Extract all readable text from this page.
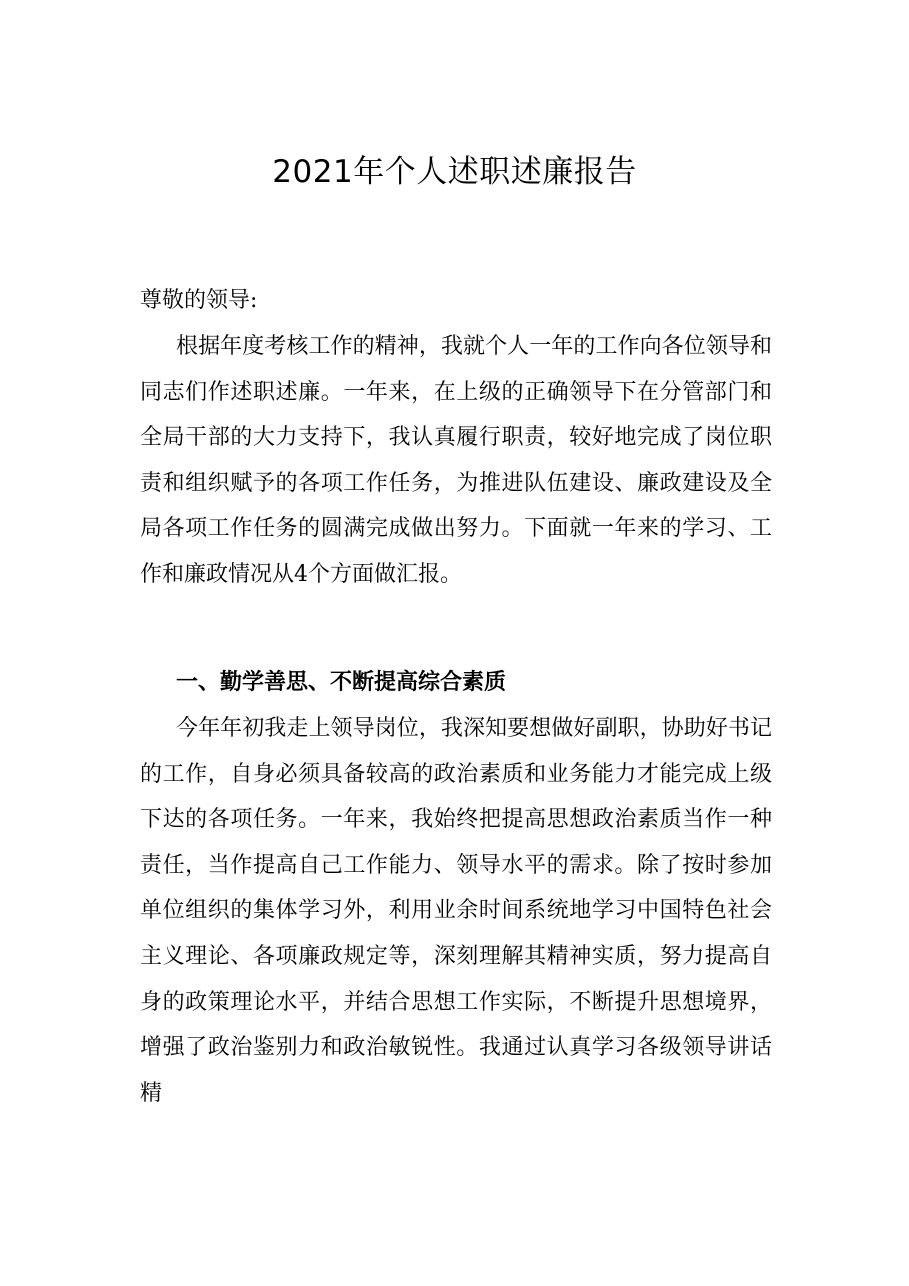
2021年个人述职述廉报告

尊敬的领导:

根据年度考核工作的精神，我就个人一年的工作向各位领导和同志们作述职述廉。一年来，在上级的正确领导下在分管部门和全局干部的大力支持下，我认真履行职责，较好地完成了岗位职责和组织赋予的各项工作任务，为推进队伍建设、廉政建设及全局各项工作任务的圆满完成做出努力。下面就一年来的学习、工作和廉政情况从4个方面做汇报。

一、勤学善思、不断提高综合素质

今年年初我走上领导岗位，我深知要想做好副职，协助好书记的工作，自身必须具备较高的政治素质和业务能力才能完成上级下达的各项任务。一年来，我始终把提高思想政治素质当作一种责任，当作提高自己工作能力、领导水平的需求。除了按时参加单位组织的集体学习外，利用业余时间系统地学习中国特色社会主义理论、各项廉政规定等，深刻理解其精神实质，努力提高自身的政策理论水平，并结合思想工作实际，不断提升思想境界，增强了政治鉴别力和政治敏锐性。我通过认真学习各级领导讲话精
